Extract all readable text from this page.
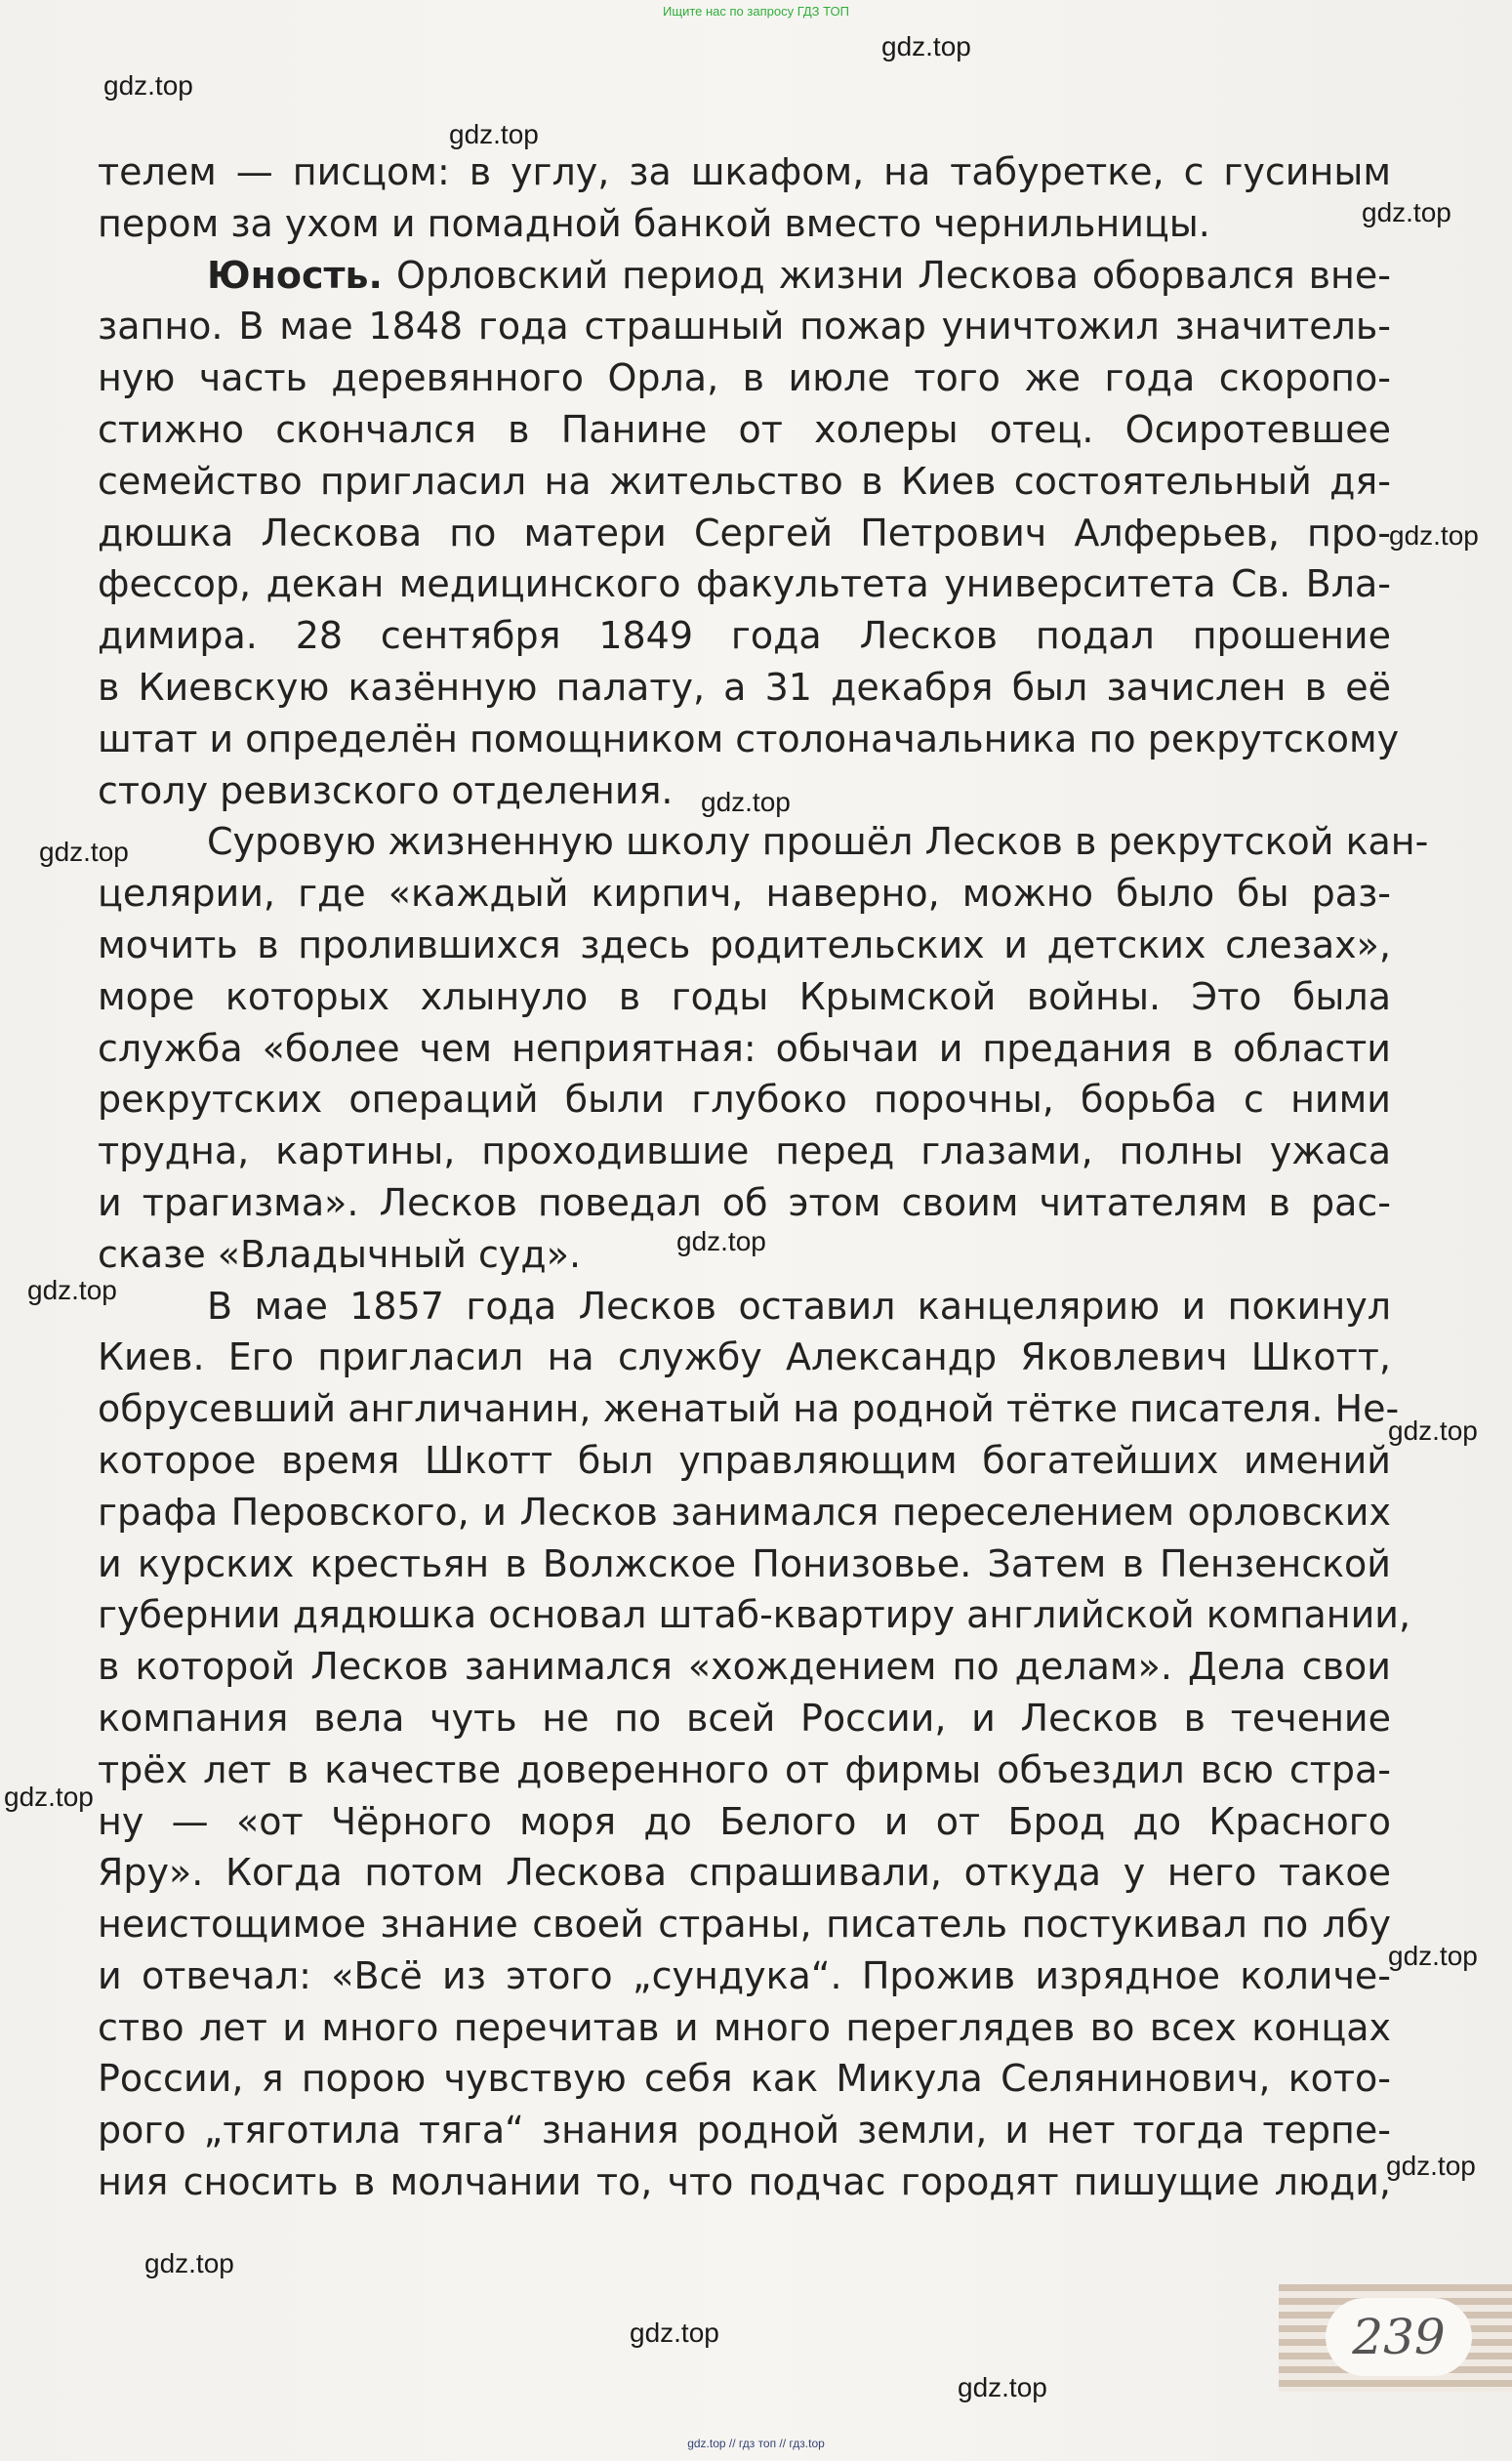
Ищите нас по запросу ГДЗ ТОП
gdz.top
gdz.top
gdz.top
gdz.top
gdz.top
gdz.top
gdz.top
gdz.top
gdz.top
gdz.top
gdz.top
gdz.top
gdz.top
gdz.top
gdz.top
gdz.top
телем — писцом: в углу, за шкафом, на табуретке, с гусиным
пером за ухом и помадной банкой вместо чернильницы.
Юность. Орловский период жизни Лескова оборвался вне-
запно. В мае 1848 года страшный пожар уничтожил значитель-
ную часть деревянного Орла, в июле того же года скоропо-
стижно скончался в Панине от холеры отец. Осиротевшее
семейство пригласил на жительство в Киев состоятельный дя-
дюшка Лескова по матери Сергей Петрович Алферьев, про-
фессор, декан медицинского факультета университета Св. Вла-
димира. 28 сентября 1849 года Лесков подал прошение
в Киевскую казённую палату, а 31 декабря был зачислен в её
штат и определён помощником столоначальника по рекрутскому
столу ревизского отделения.
Суровую жизненную школу прошёл Лесков в рекрутской кан-
целярии, где «каждый кирпич, наверно, можно было бы раз-
мочить в пролившихся здесь родительских и детских слезах»,
море которых хлынуло в годы Крымской войны. Это была
служба «более чем неприятная: обычаи и предания в области
рекрутских операций были глубоко порочны, борьба с ними
трудна, картины, проходившие перед глазами, полны ужаса
и трагизма». Лесков поведал об этом своим читателям в рас-
сказе «Владычный суд».
В мае 1857 года Лесков оставил канцелярию и покинул
Киев. Его пригласил на службу Александр Яковлевич Шкотт,
обрусевший англичанин, женатый на родной тётке писателя. Не-
которое время Шкотт был управляющим богатейших имений
графа Перовского, и Лесков занимался переселением орловских
и курских крестьян в Волжское Понизовье. Затем в Пензенской
губернии дядюшка основал штаб-квартиру английской компании,
в которой Лесков занимался «хождением по делам». Дела свои
компания вела чуть не по всей России, и Лесков в течение
трёх лет в качестве доверенного от фирмы объездил всю стра-
ну — «от Чёрного моря до Белого и от Брод до Красного
Яру». Когда потом Лескова спрашивали, откуда у него такое
неистощимое знание своей страны, писатель постукивал по лбу
и отвечал: «Всё из этого „сундука“. Прожив изрядное количе-
ство лет и много перечитав и много переглядев во всех концах
России, я порою чувствую себя как Микула Селянинович, кото-
рого „тяготила тяга“ знания родной земли, и нет тогда терпе-
ния сносить в молчании то, что подчас городят пишущие люди,
239
gdz.top // гдз топ // гдз.top
